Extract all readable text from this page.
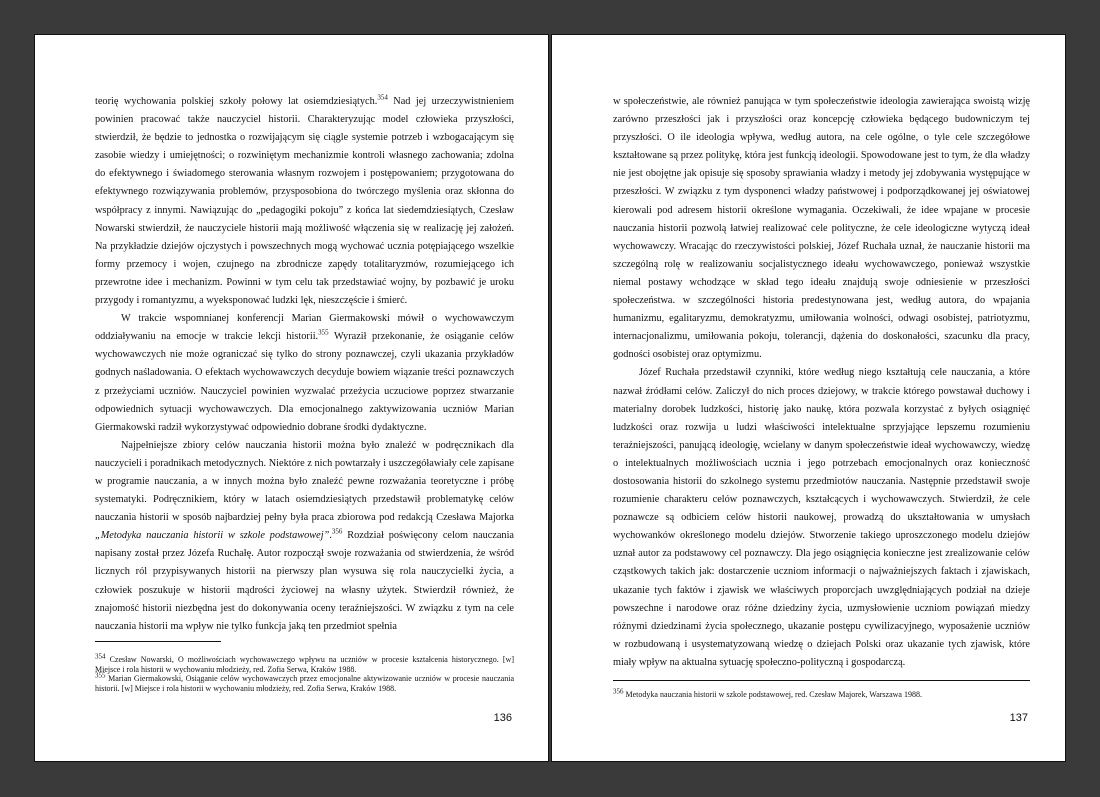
teorię wychowania polskiej szkoły połowy lat osiemdziesiątych.$^{354}$ Nad jej urzeczywistnieniem powinien pracować także nauczyciel historii. Charakteryzując model człowieka przyszłości, stwierdził, że będzie to jednostka o rozwijającym się ciągle systemie potrzeb i wzbogacającym się zasobie wiedzy i umiejętności; o rozwiniętym mechanizmie kontroli własnego zachowania; zdolna do efektywnego i świadomego sterowania własnym rozwojem i postępowaniem; przygotowana do efektywnego rozwiązywania problemów, przysposobiona do twórczego myślenia oraz skłonna do współpracy z innymi. Nawiązując do „pedagogiki pokoju” z końca lat siedemdziesiątych, Czesław Nowarski stwierdził, że nauczyciele historii mają możliwość włączenia się w realizację jej założeń. Na przykładzie dziejów ojczystych i powszechnych mogą wychować ucznia potępiającego wszelkie formy przemocy i wojen, czujnego na zbrodnicze zapędy totalitaryzmów, rozumiejącego ich przewrotne idee i mechanizm. Powinni w tym celu tak przedstawiać wojny, by pozbawić je uroku przygody i romantyzmu, a wyeksponować ludzki lęk, nieszczęście i śmierć.

W trakcie wspomnianej konferencji Marian Giermakowski mówił o wychowawczym oddziaływaniu na emocje w trakcie lekcji historii.$^{355}$ Wyraził przekonanie, że osiąganie celów wychowawczych nie może ograniczać się tylko do strony poznawczej, czyli ukazania przykładów godnych naśladowania. O efektach wychowawczych decyduje bowiem wiązanie treści poznawczych z przeżyciami uczniów. Nauczyciel powinien wyzwalać przeżycia uczuciowe poprzez stwarzanie odpowiednich sytuacji wychowawczych. Dla emocjonalnego zaktywizowania uczniów Marian Giermakowski radził wykorzystywać odpowiednio dobrane środki dydaktyczne.

Najpełniejsze zbiory celów nauczania historii można było znaleźć w podręcznikach dla nauczycieli i poradnikach metodycznych. Niektóre z nich powtarzały i uszczegóławiały cele zapisane w programie nauczania, a w innych można było znaleźć pewne rozważania teoretyczne i próbę systematyki. Podręcznikiem, który w latach osiemdziesiątych przedstawił problematykę celów nauczania historii w sposób najbardziej pełny była praca zbiorowa pod redakcją Czesława Majorka „Metodyka nauczania historii w szkole podstawowej”.$^{356}$ Rozdział poświęcony celom nauczania napisany został przez Józefa Ruchałę. Autor rozpoczął swoje rozważania od stwierdzenia, że wśród licznych ról przypisywanych historii na pierwszy plan wysuwa się rola nauczycielki życia, a człowiek poszukuje w historii mądrości życiowej na własny użytek. Stwierdził również, że znajomość historii niezbędna jest do dokonywania oceny teraźniejszości. W związku z tym na cele nauczania historii ma wpływ nie tylko funkcja jaką ten przedmiot spełnia

354 Czesław Nowarski, O możliwościach wychowawczego wpływu na uczniów w procesie kształcenia historycznego. [w] Miejsce i rola historii w wychowaniu młodzieży, red. Zofia Serwa, Kraków 1988.

355 Marian Giermakowski, Osiąganie celów wychowawczych przez emocjonalne aktywizowanie uczniów w procesie nauczania historii. [w] Miejsce i rola historii w wychowaniu młodzieży, red. Zofia Serwa, Kraków 1988.

136

w społeczeństwie, ale również panująca w tym społeczeństwie ideologia zawierająca swoistą wizję zarówno przeszłości jak i przyszłości oraz koncepcję człowieka będącego budowniczym tej przyszłości. O ile ideologia wpływa, według autora, na cele ogólne, o tyle cele szczegółowe kształtowane są przez politykę, która jest funkcją ideologii. Spowodowane jest to tym, że dla władzy nie jest obojętne jak opisuje się sposoby sprawiania władzy i metody jej zdobywania występujące w przeszłości. W związku z tym dysponenci władzy państwowej i podporządkowanej jej oświatowej kierowali pod adresem historii określone wymagania. Oczekiwali, że idee wpajane w procesie nauczania historii pozwolą łatwiej realizować cele polityczne, że cele ideologiczne wytyczą ideał wychowawczy. Wracając do rzeczywistości polskiej, Józef Ruchała uznał, że nauczanie historii ma szczególną rolę w realizowaniu socjalistycznego ideału wychowawczego, ponieważ wszystkie niemal postawy wchodzące w skład tego ideału znajdują swoje odniesienie w przeszłości społeczeństwa. w szczególności historia predestynowana jest, według autora, do wpajania humanizmu, egalitaryzmu, demokratyzmu, umiłowania wolności, odwagi osobistej, patriotyzmu, internacjonalizmu, umiłowania pokoju, tolerancji, dążenia do doskonałości, szacunku dla pracy, godności osobistej oraz optymizmu.

Józef Ruchała przedstawił czynniki, które według niego kształtują cele nauczania, a które nazwał źródłami celów. Zaliczył do nich proces dziejowy, w trakcie którego powstawał duchowy i materialny dorobek ludzkości, historię jako naukę, która pozwala korzystać z byłych osiągnięć ludzkości oraz rozwija u ludzi właściwości intelektualne sprzyjające lepszemu rozumieniu teraźniejszości, panującą ideologię, wcielany w danym społeczeństwie ideał wychowawczy, wiedzę o intelektualnych możliwościach ucznia i jego potrzebach emocjonalnych oraz konieczność dostosowania historii do szkolnego systemu przedmiotów nauczania. Następnie przedstawił swoje rozumienie charakteru celów poznawczych, kształcących i wychowawczych. Stwierdził, że cele poznawcze są odbiciem celów historii naukowej, prowadzą do ukształtowania w umysłach wychowanków określonego modelu dziejów. Stworzenie takiego uproszczonego modelu dziejów uznał autor za podstawowy cel poznawczy. Dla jego osiągnięcia konieczne jest zrealizowanie celów cząstkowych takich jak: dostarczenie uczniom informacji o najważniejszych faktach i zjawiskach, ukazanie tych faktów i zjawisk we właściwych proporcjach uwzględniających podział na dzieje powszechne i narodowe oraz różne dziedziny życia, uzmysłowienie uczniom powiązań miedzy różnymi dziedzinami życia społecznego, ukazanie postępu cywilizacyjnego, wyposażenie uczniów w rozbudowaną i usystematyzowaną wiedzę o dziejach Polski oraz ukazanie tych zjawisk, które miały wpływ na aktualna sytuację społeczno-polityczną i gospodarczą.

356 Metodyka nauczania historii w szkole podstawowej, red. Czesław Majorek, Warszawa 1988.

137
